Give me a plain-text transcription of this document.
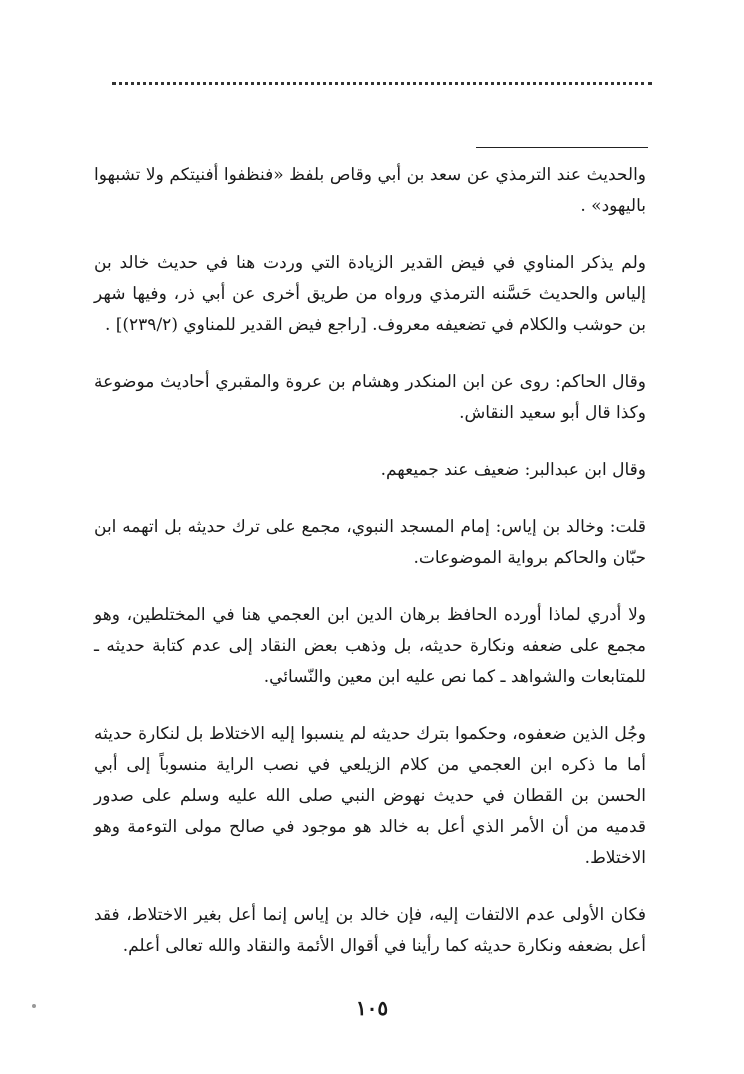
والحديث عند الترمذي عن سعد بن أبي وقاص بلفظ «فنظفوا أفنيتكم ولا تشبهوا باليهود» .

ولم يذكر المناوي في فيض القدير الزيادة التي وردت هنا في حديث خالد بن إلياس والحديث حَسَّنه الترمذي ورواه من طريق أخرى عن أبي ذر، وفيها شهر بن حوشب والكلام في تضعيفه معروف. [راجع فيض القدير للمناوي (٢٣٩/٢)] .

وقال الحاكم: روى عن ابن المنكدر وهشام بن عروة والمقبري أحاديث موضوعة وكذا قال أبو سعيد النقاش.

وقال ابن عبدالبر: ضعيف عند جميعهم.

قلت: وخالد بن إياس: إمام المسجد النبوي، مجمع على ترك حديثه بل اتهمه ابن حبّان والحاكم برواية الموضوعات.

ولا أدري لماذا أورده الحافظ برهان الدين ابن العجمي هنا في المختلطين، وهو مجمع على ضعفه ونكارة حديثه، بل وذهب بعض النقاد إلى عدم كتابة حديثه ـ للمتابعات والشواهد ـ كما نص عليه ابن معين والنّسائي.

وجُل الذين ضعفوه، وحكموا بترك حديثه لم ينسبوا إليه الاختلاط بل لنكارة حديثه أما ما ذكره ابن العجمي من كلام الزيلعي في نصب الراية منسوباً إلى أبي الحسن بن القطان في حديث نهوض النبي صلى الله عليه وسلم على صدور قدميه من أن الأمر الذي أعل به خالد هو موجود في صالح مولى التوءمة وهو الاختلاط.

فكان الأولى عدم الالتفات إليه، فإن خالد بن إياس إنما أعل بغير الاختلاط، فقد أعل بضعفه ونكارة حديثه كما رأينا في أقوال الأئمة والنقاد والله تعالى أعلم.

١٠٥
